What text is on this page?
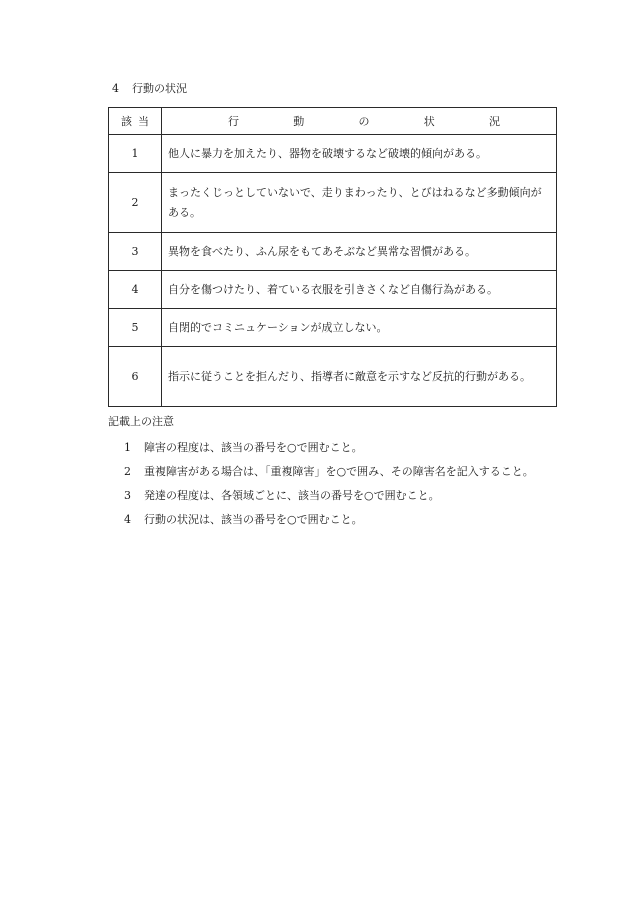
4 行動の状況
該当	行 動 の 状 況

1	他人に暴力を加えたり、器物を破壊するなど破壊的傾向がある。
2	まったくじっとしていないで、走りまわったり、とびはねるなど多動傾向がある。
3	異物を食べたり、ふん尿をもてあそぶなど異常な習慣がある。
4	自分を傷つけたり、着ている衣服を引きさくなど自傷行為がある。
5	自閉的でコミニュケーションが成立しない。
6	指示に従うことを拒んだり、指導者に敵意を示すなど反抗的行動がある。
記載上の注意
1 障害の程度は、該当の番号を○で囲むこと。
2 重複障害がある場合は、「重複障害」を○で囲み、その障害名を記入すること。
3 発達の程度は、各領域ごとに、該当の番号を○で囲むこと。
4 行動の状況は、該当の番号を○で囲むこと。
